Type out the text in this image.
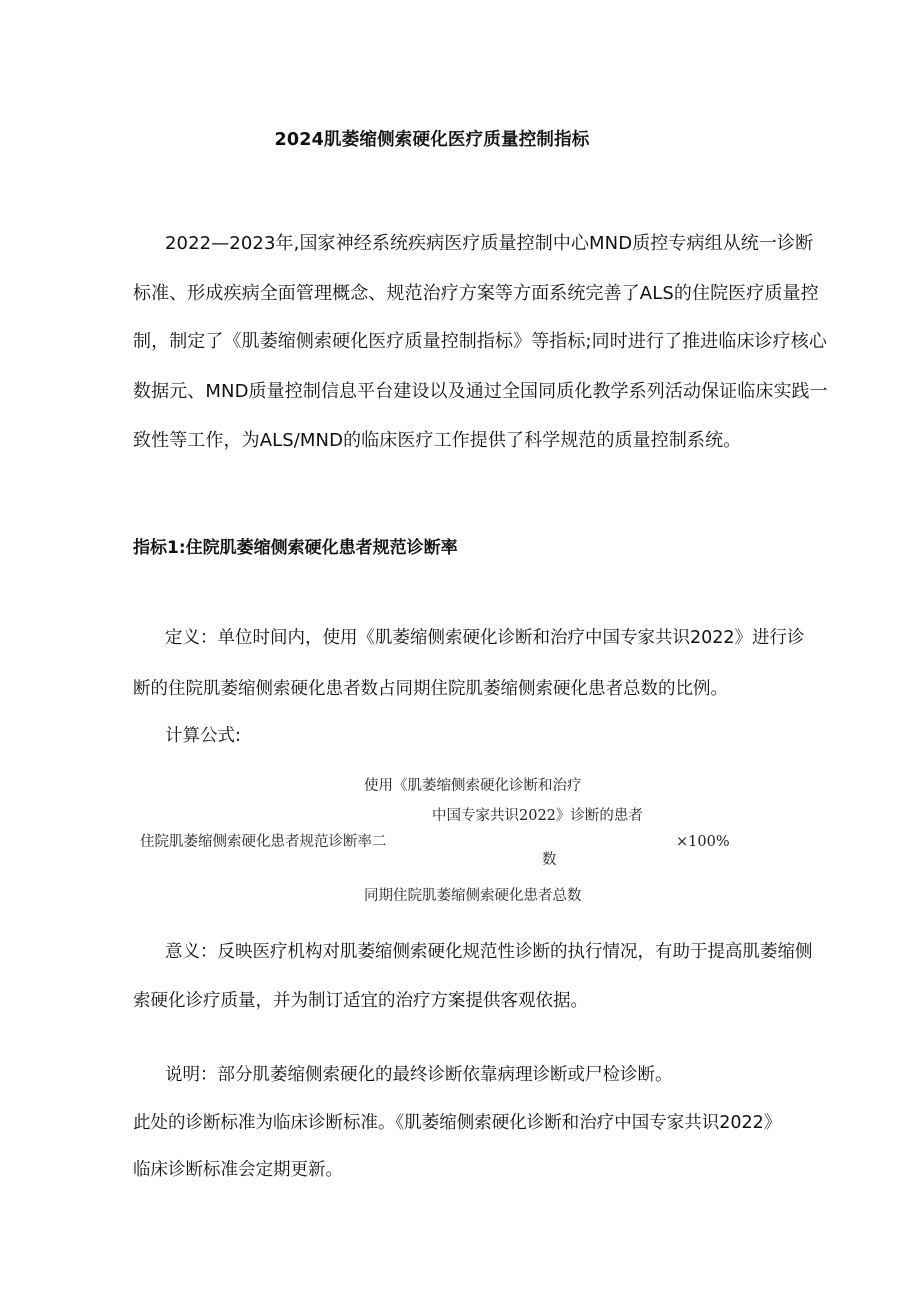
2024肌萎缩侧索硬化医疗质量控制指标
2022—2023年,国家神经系统疾病医疗质量控制中心MND质控专病组从统一诊断
标准、形成疾病全面管理概念、规范治疗方案等方面系统完善了ALS的住院医疗质量控
制，制定了《肌萎缩侧索硬化医疗质量控制指标》等指标;同时进行了推进临床诊疗核心
数据元、MND质量控制信息平台建设以及通过全国同质化教学系列活动保证临床实践一
致性等工作，为ALS/MND的临床医疗工作提供了科学规范的质量控制系统。
指标1:住院肌萎缩侧索硬化患者规范诊断率
定义：单位时间内，使用《肌萎缩侧索硬化诊断和治疗中国专家共识2022》进行诊
断的住院肌萎缩侧索硬化患者数占同期住院肌萎缩侧索硬化患者总数的比例。
计算公式:
使用《肌萎缩侧索硬化诊断和治疗
中国专家共识2022》诊断的患者
住院肌萎缩侧索硬化患者规范诊断率二	×100%
数
同期住院肌萎缩侧索硬化患者总数
意义：反映医疗机构对肌萎缩侧索硬化规范性诊断的执行情况，有助于提高肌萎缩侧
索硬化诊疗质量，并为制订适宜的治疗方案提供客观依据。
说明：部分肌萎缩侧索硬化的最终诊断依靠病理诊断或尸检诊断。
此处的诊断标准为临床诊断标准。《肌萎缩侧索硬化诊断和治疗中国专家共识2022》
临床诊断标准会定期更新。
